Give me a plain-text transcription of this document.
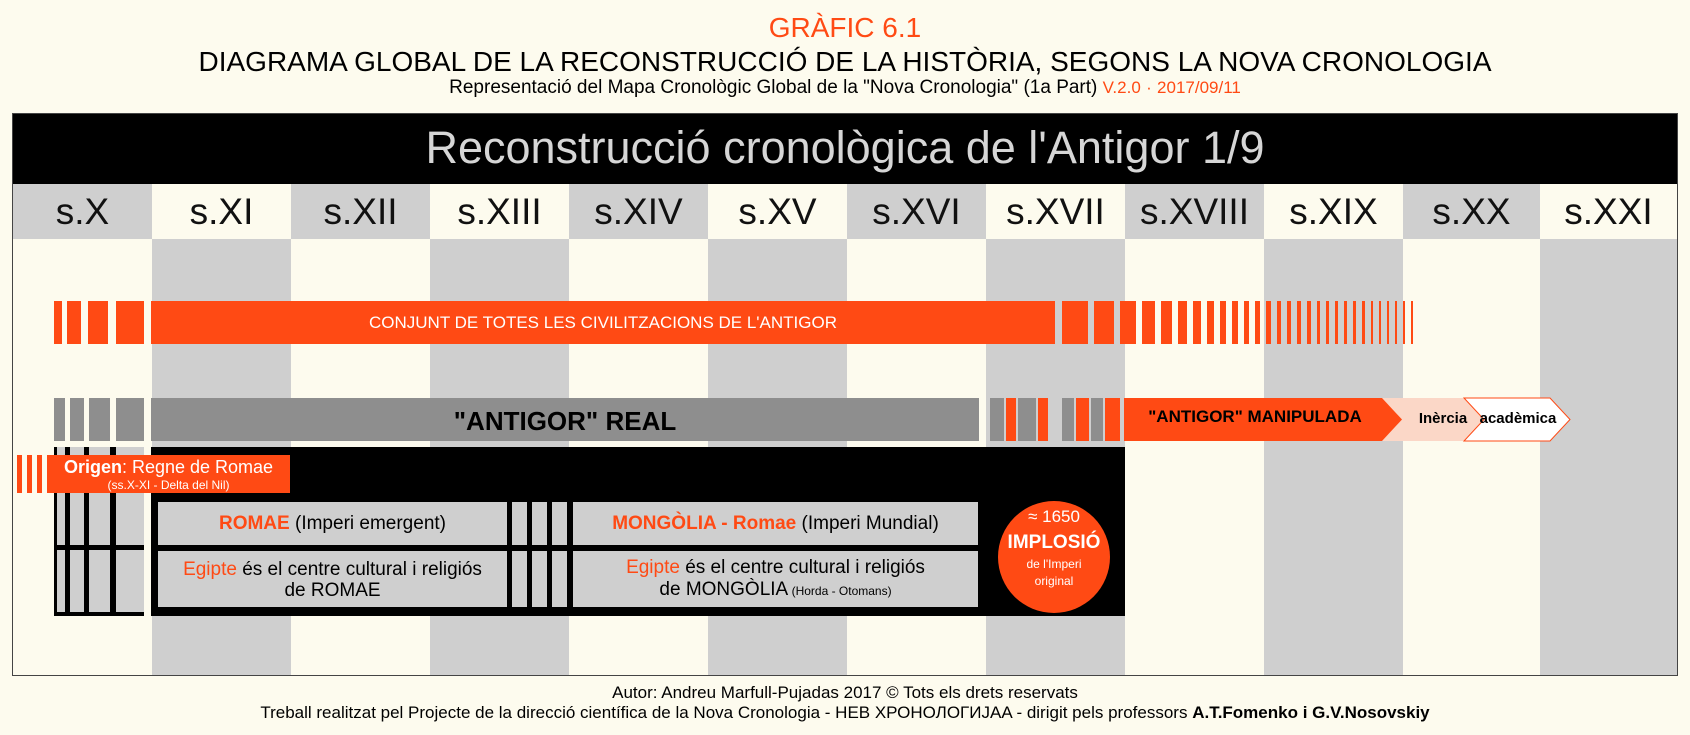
GRÀFIC 6.1
DIAGRAMA GLOBAL DE LA RECONSTRUCCIÓ DE LA HISTÒRIA, SEGONS LA NOVA CRONOLOGIA
Representació del Mapa Cronològic Global de la "Nova Cronologia" (1a Part) V.2.0 · 2017/09/11
s.X	s.XI	s.XII	s.XIII	s.XIV	s.XV	s.XVI	s.XVII s.XVIII	s.XIX	s.XX	s.XXI
Reconstrucció cronològica de l'Antigor 1/9
CONJUNT DE TOTES LES CIVILITZACIONS DE L'ANTIGOR
"ANTIGOR" REAL	"ANTIGOR" MANIPULADA	Inèrcia acadèmica
Origen: Regne de Romae
(ss.X-XI - Delta del Nil)
ROMAE (Imperi emergent)
Egipte és el centre cultural i religiós
de ROMAE
MONGÒLIA - Romae (Imperi Mundial)
Egipte és el centre cultural i religiós
de MONGÒLIA (Horda - Otomans)
≈ 1650
IMPLOSIÓ
de l'Imperi
original
Autor: Andreu Marfull-Pujadas 2017 © Tots els drets reservats
Treball realitzat pel Projecte de la direcció científica de la Nova Cronologia - НЕВ ХРОНОЛОГИJAA - dirigit pels professors A.T.Fomenko i G.V.Nosovskiy
